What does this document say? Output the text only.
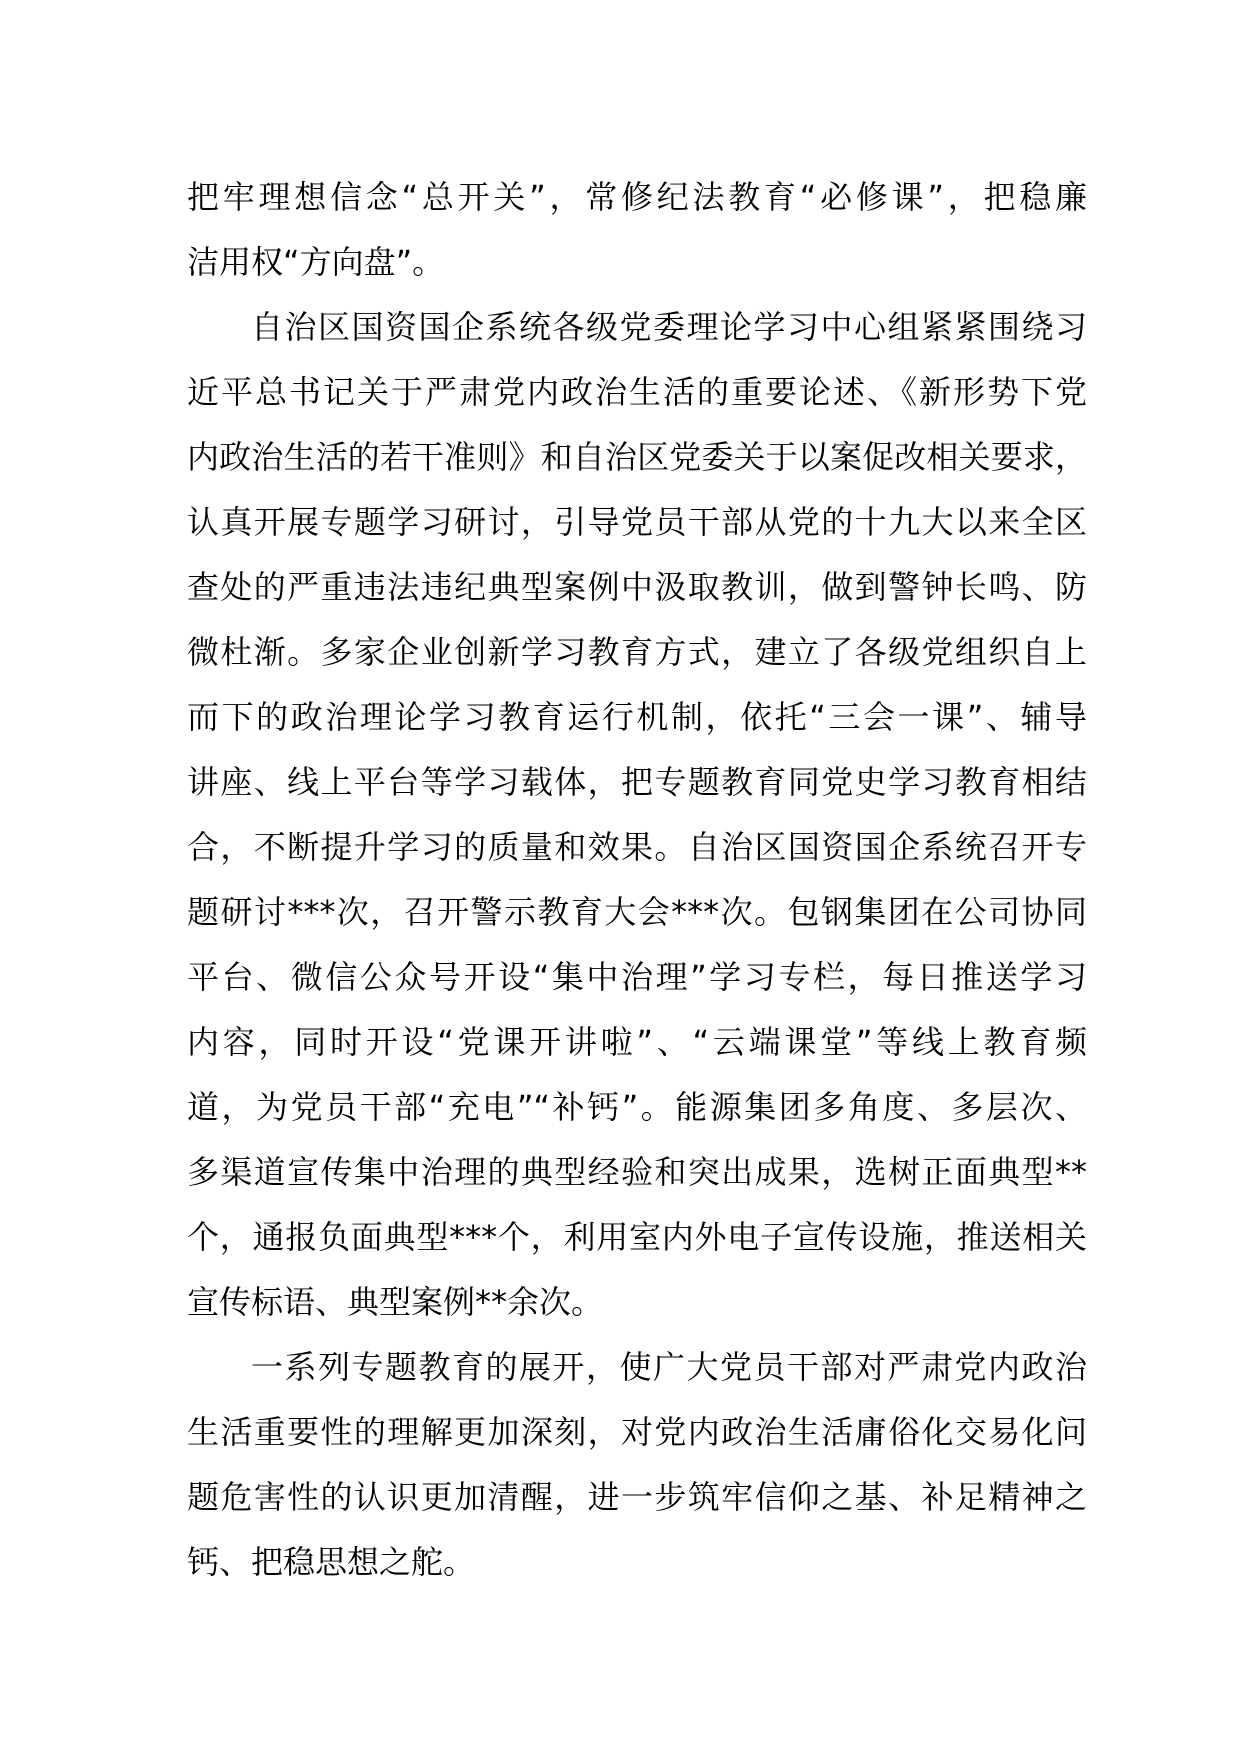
把牢理想信念“总开关”，常修纪法教育“必修课”，把稳廉
洁用权“方向盘”。
自治区国资国企系统各级党委理论学习中心组紧紧围绕习
近平总书记关于严肃党内政治生活的重要论述、《新形势下党
内政治生活的若干准则》和自治区党委关于以案促改相关要求，
认真开展专题学习研讨，引导党员干部从党的十九大以来全区
查处的严重违法违纪典型案例中汲取教训，做到警钟长鸣、防
微杜渐。多家企业创新学习教育方式，建立了各级党组织自上
而下的政治理论学习教育运行机制，依托“三会一课”、辅导
讲座、线上平台等学习载体，把专题教育同党史学习教育相结
合，不断提升学习的质量和效果。自治区国资国企系统召开专
题研讨***次，召开警示教育大会***次。包钢集团在公司协同
平台、微信公众号开设“集中治理”学习专栏，每日推送学习
内容，同时开设“党课开讲啦”、“云端课堂”等线上教育频
道，为党员干部“充电”“补钙”。能源集团多角度、多层次、
多渠道宣传集中治理的典型经验和突出成果，选树正面典型**
个，通报负面典型***个，利用室内外电子宣传设施，推送相关
宣传标语、典型案例**余次。
一系列专题教育的展开，使广大党员干部对严肃党内政治
生活重要性的理解更加深刻，对党内政治生活庸俗化交易化问
题危害性的认识更加清醒，进一步筑牢信仰之基、补足精神之
钙、把稳思想之舵。
